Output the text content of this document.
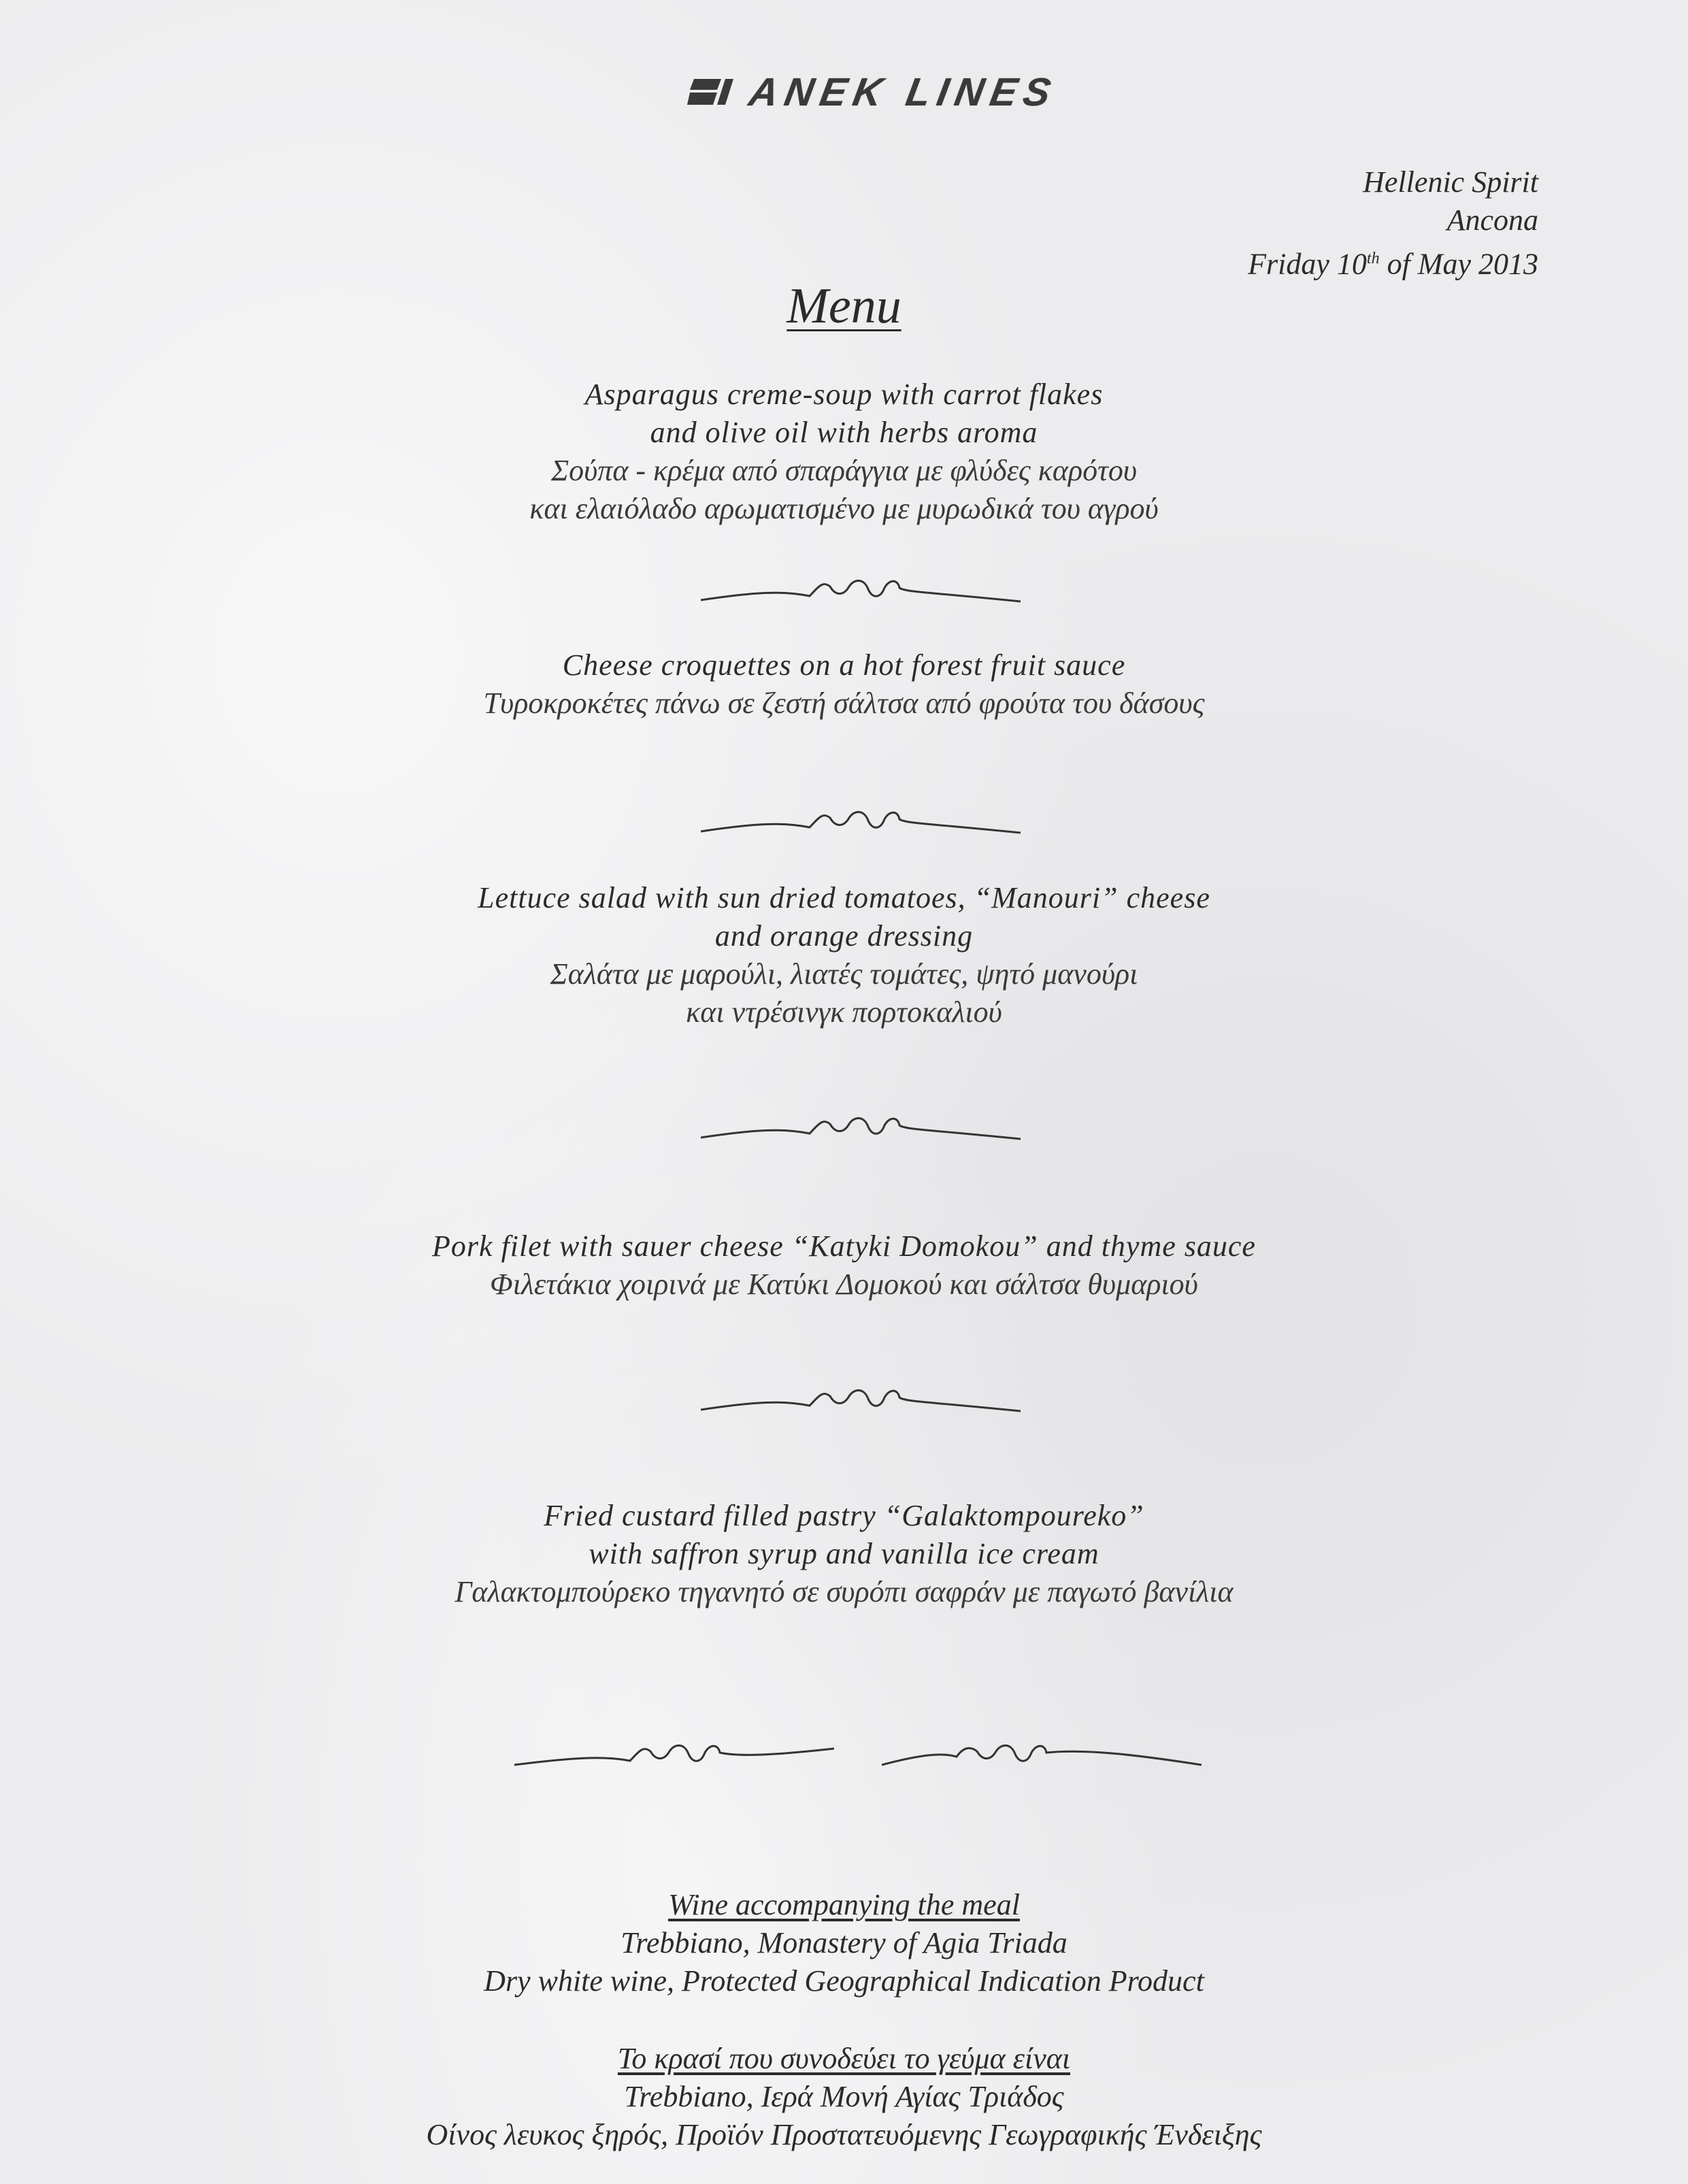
ANEK LINES
Hellenic Spirit
Ancona
Friday 10th of May 2013
Menu
Asparagus creme-soup with carrot flakes
and olive oil with herbs aroma
Σούπα - κρέμα από σπαράγγια με φλύδες καρότου
και ελαιόλαδο αρωματισμένο με μυρωδικά του αγρού
Cheese croquettes on a hot forest fruit sauce
Τυροκροκέτες πάνω σε ζεστή σάλτσα από φρούτα του δάσους
Lettuce salad with sun dried tomatoes, “Manouri” cheese
and orange dressing
Σαλάτα με μαρούλι, λιατές τομάτες, ψητό μανούρι
και ντρέσινγκ πορτοκαλιού
Pork filet with sauer cheese “Katyki Domokou” and thyme sauce
Φιλετάκια χοιρινά με Κατύκι Δομοκού και σάλτσα θυμαριού
Fried custard filled pastry “Galaktompoureko”
with saffron syrup and vanilla ice cream
Γαλακτομπούρεκο τηγανητό σε συρόπι σαφράν με παγωτό βανίλια
Wine accompanying the meal
Trebbiano, Monastery of Agia Triada
Dry white wine, Protected Geographical Indication Product
Το κρασί που συνοδεύει το γεύμα είναι
Trebbiano, Ιερά Μονή Αγίας Τριάδος
Οίνος λευκος ξηρός, Προϊόν Προστατευόμενης Γεωγραφικής Ένδειξης
